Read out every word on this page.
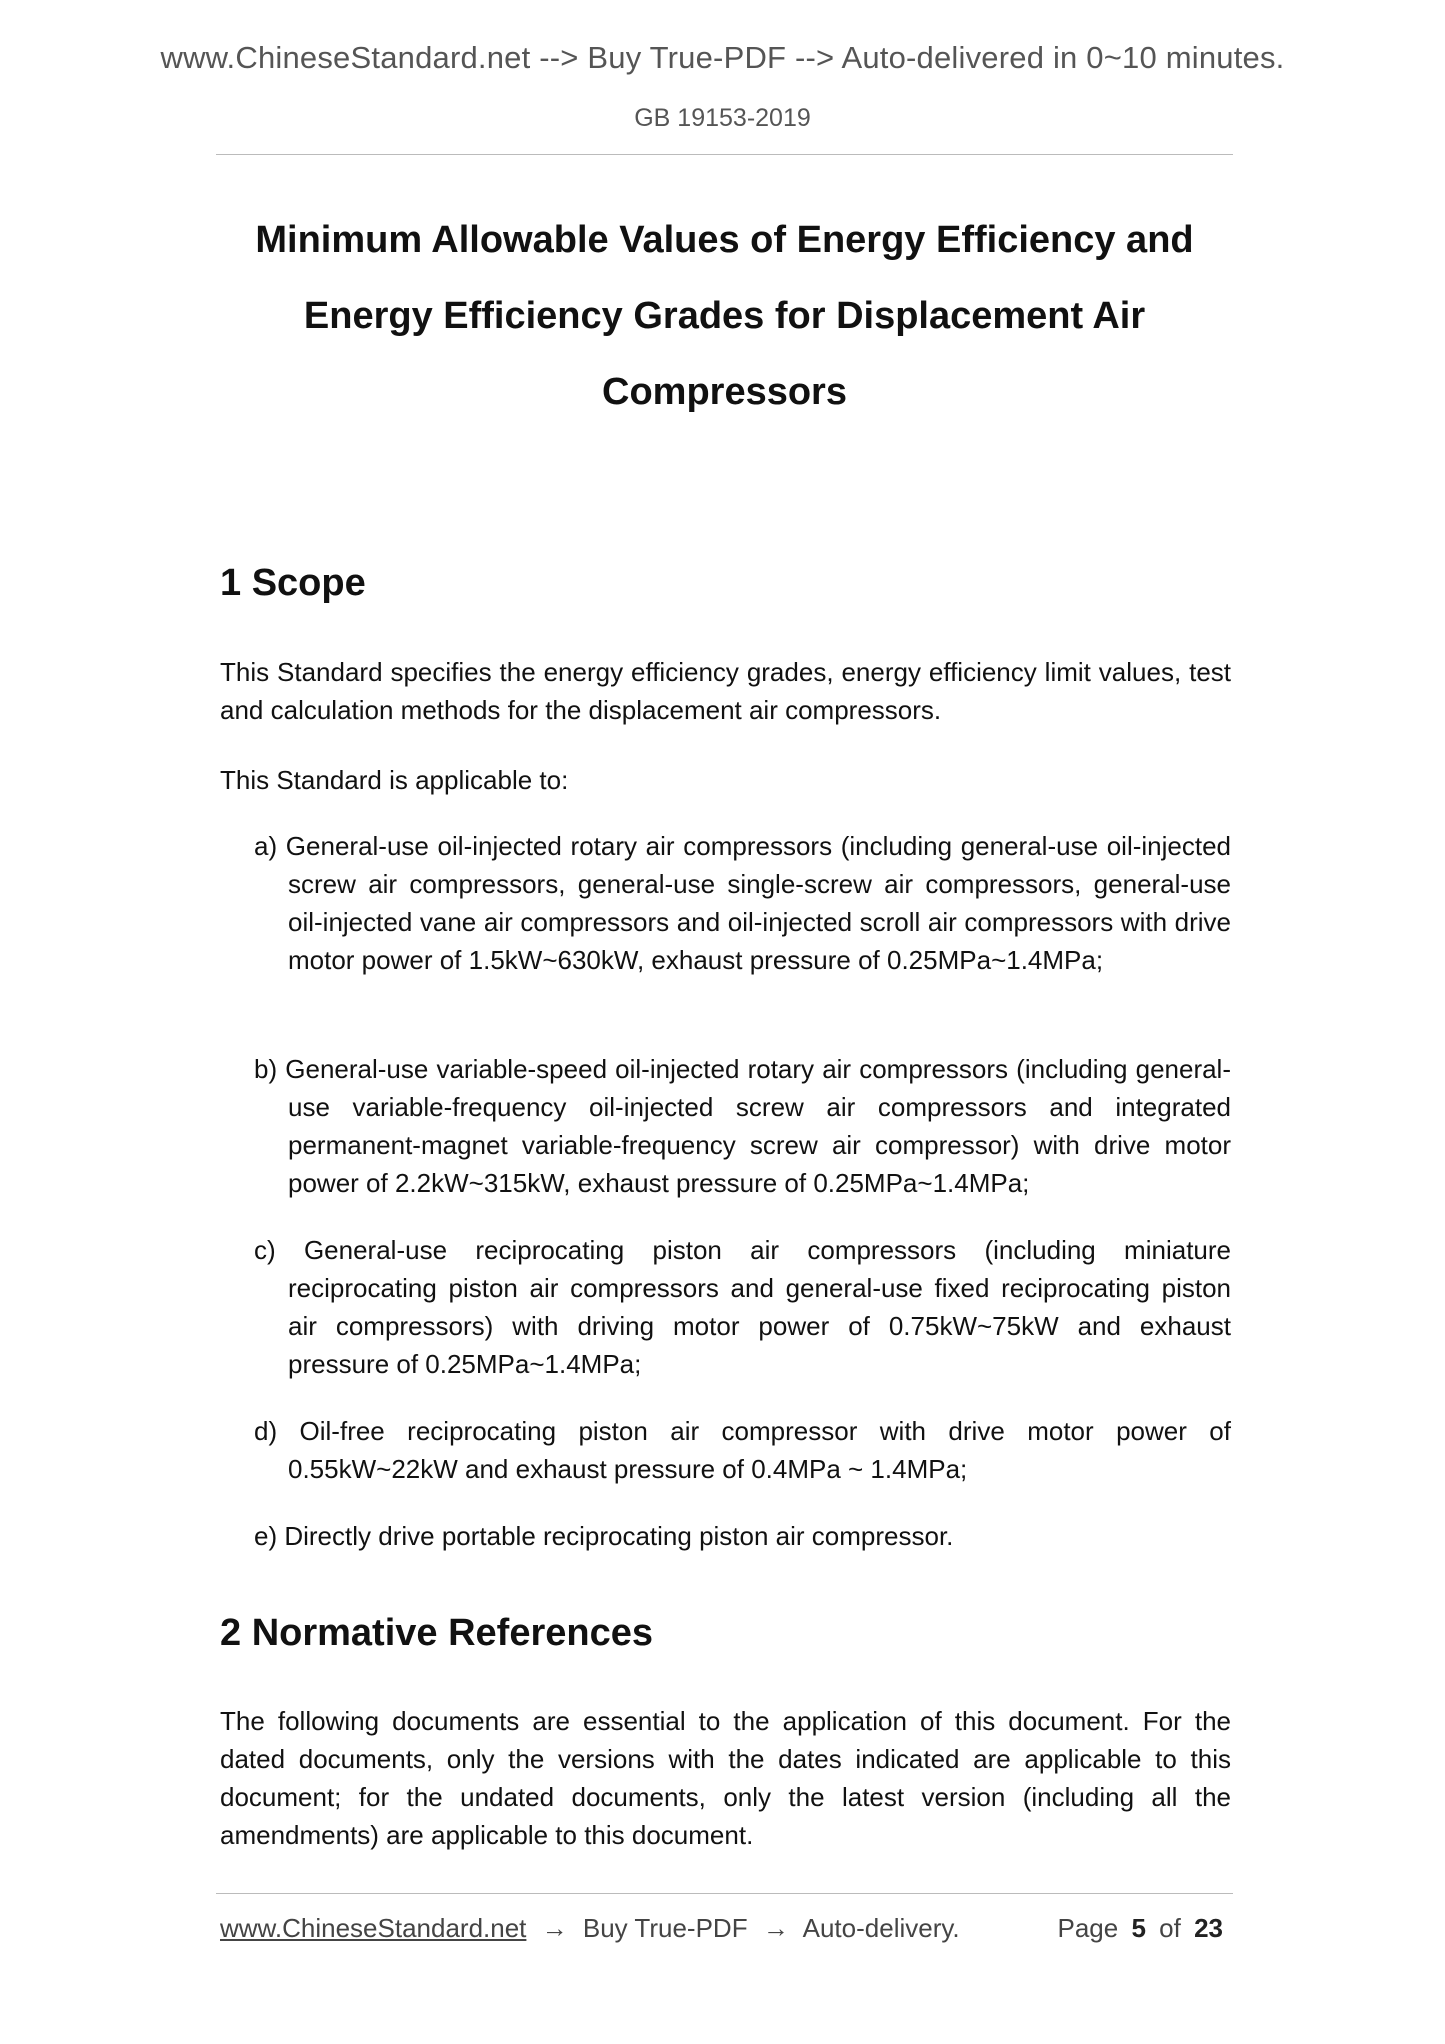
www.ChineseStandard.net --> Buy True-PDF --> Auto-delivered in 0~10 minutes.
GB 19153-2019
Minimum Allowable Values of Energy Efficiency and
Energy Efficiency Grades for Displacement Air
Compressors
1 Scope

This Standard specifies the energy efficiency grades, energy efficiency limit values, test and calculation methods for the displacement air compressors.

This Standard is applicable to:

a) General-use oil-injected rotary air compressors (including general-use oil-injected screw air compressors, general-use single-screw air compressors, general-use oil-injected vane air compressors and oil-injected scroll air compressors with drive motor power of 1.5kW~630kW, exhaust pressure of 0.25MPa~1.4MPa;

b) General-use variable-speed oil-injected rotary air compressors (including general-use variable-frequency oil-injected screw air compressors and integrated permanent-magnet variable-frequency screw air compressor) with drive motor power of 2.2kW~315kW, exhaust pressure of 0.25MPa~1.4MPa;

c) General-use reciprocating piston air compressors (including miniature reciprocating piston air compressors and general-use fixed reciprocating piston air compressors) with driving motor power of 0.75kW~75kW and exhaust pressure of 0.25MPa~1.4MPa;

d) Oil-free reciprocating piston air compressor with drive motor power of 0.55kW~22kW and exhaust pressure of 0.4MPa ~ 1.4MPa;

e) Directly drive portable reciprocating piston air compressor.

2 Normative References

The following documents are essential to the application of this document. For the dated documents, only the versions with the dates indicated are applicable to this document; for the undated documents, only the latest version (including all the amendments) are applicable to this document.

www.ChineseStandard.net → Buy True-PDF → Auto-delivery.	Page 5 of 23
